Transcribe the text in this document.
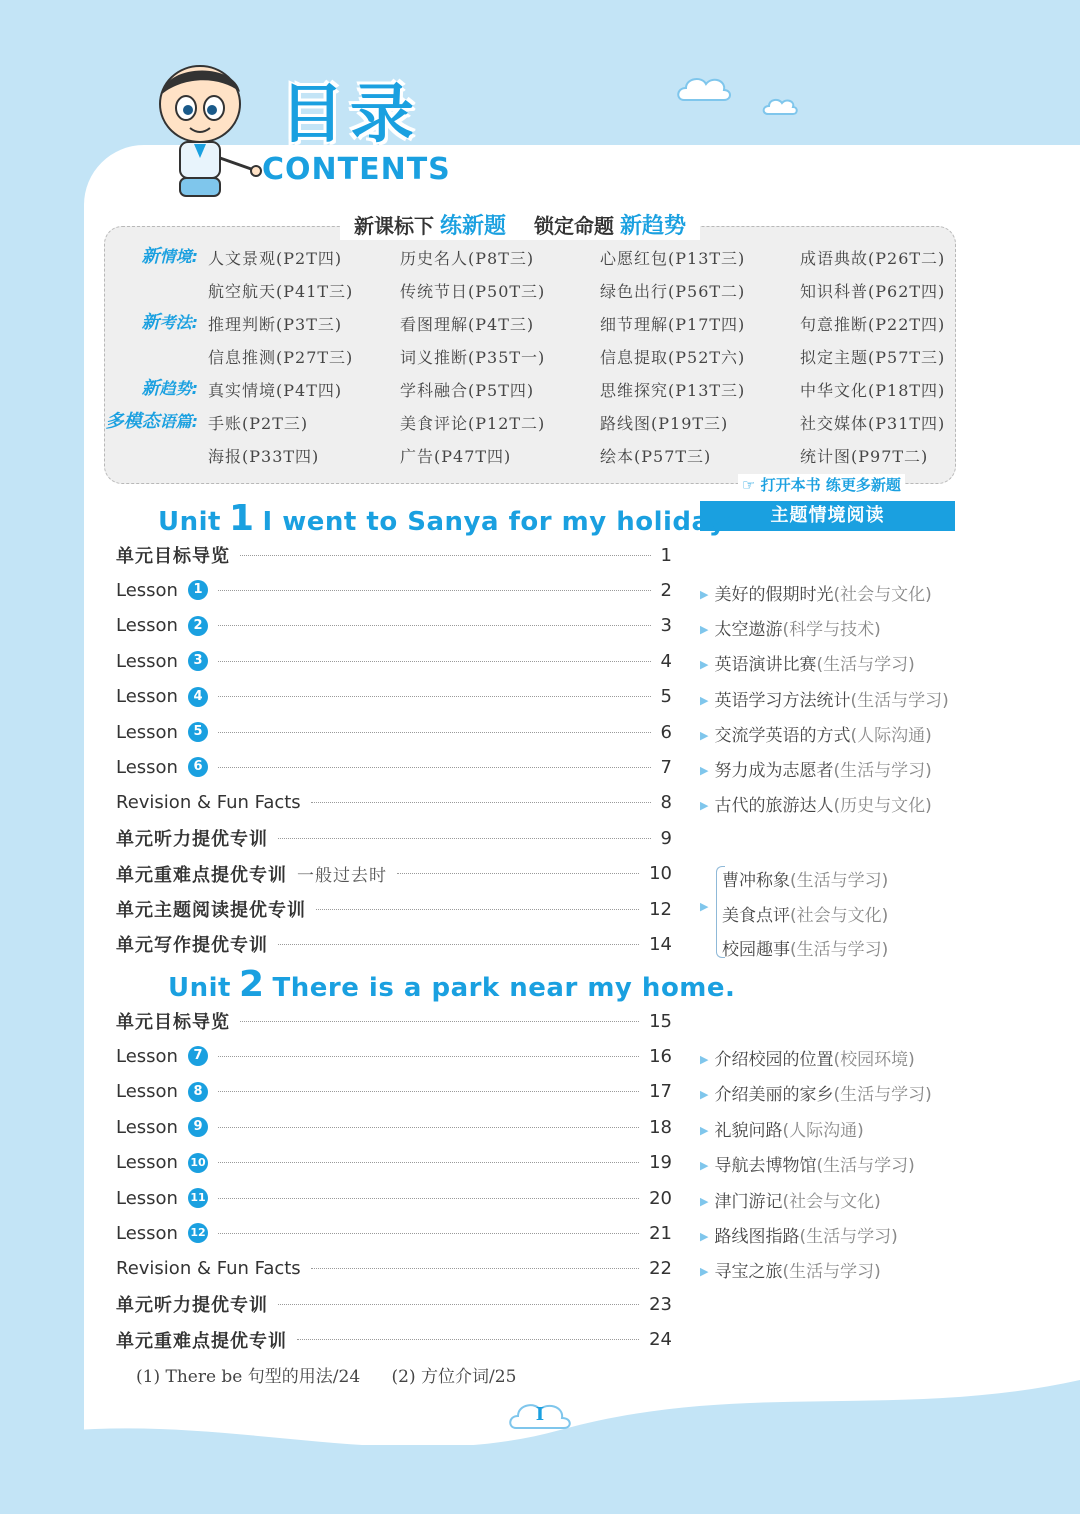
目录
CONTENTS
新课标下 练新题 锁定命题 新趋势
☞ 打开本书 练更多新题
主题情境阅读
Unit 1 I went to Sanya for my holidays.
Unit 2 There is a park near my home.
▶
(1) There be 句型的用法/24 (2) 方位介词/25
I
新情境: 人文景观(P2T四)	历史名人(P8T三)	心愿红包(P13T三)	成语典故(P26T二)
航空航天(P41T三)	传统节日(P50T三)	绿色出行(P56T二)	知识科普(P62T四)
新考法: 推理判断(P3T三)	看图理解(P4T三)	细节理解(P17T四)	句意推断(P22T四)
信息推测(P27T三)	词义推断(P35T一)	信息提取(P52T六)	拟定主题(P57T三)
新趋势: 真实情境(P4T四)	学科融合(P5T四)	思维探究(P13T三)	中华文化(P18T四)
多模态语篇: 手账(P2T三)	美食评论(P12T二)	路线图(P19T三)	社交媒体(P31T四)
海报(P33T四)	广告(P47T四)	绘本(P57T三)	统计图(P97T二)
单元目标导览	1
Lesson	1	2
Lesson	2	3
Lesson	3	4
Lesson	4	5
Lesson	5	6
Lesson	6	7
Revision & Fun Facts	8
单元听力提优专训	9
单元重难点提优专训 一般过去时	10
单元主题阅读提优专训	12
单元写作提优专训	14
单元目标导览	15
Lesson	7	16
Lesson	8	17
Lesson	9	18
Lesson 10	19
Lesson 11	20
Lesson 12	21
Revision & Fun Facts	22
单元听力提优专训	23
单元重难点提优专训	24
▶ 美好的假期时光(社会与文化)
▶ 太空遨游(科学与技术)
▶ 英语演讲比赛(生活与学习)
▶ 英语学习方法统计(生活与学习)
▶ 交流学英语的方式(人际沟通)
▶ 努力成为志愿者(生活与学习)
▶ 古代的旅游达人(历史与文化)
曹冲称象(生活与学习)
美食点评(社会与文化)
校园趣事(生活与学习)
▶ 介绍校园的位置(校园环境)
▶ 介绍美丽的家乡(生活与学习)
▶ 礼貌问路(人际沟通)
▶ 导航去博物馆(生活与学习)
▶ 津门游记(社会与文化)
▶ 路线图指路(生活与学习)
▶ 寻宝之旅(生活与学习)
